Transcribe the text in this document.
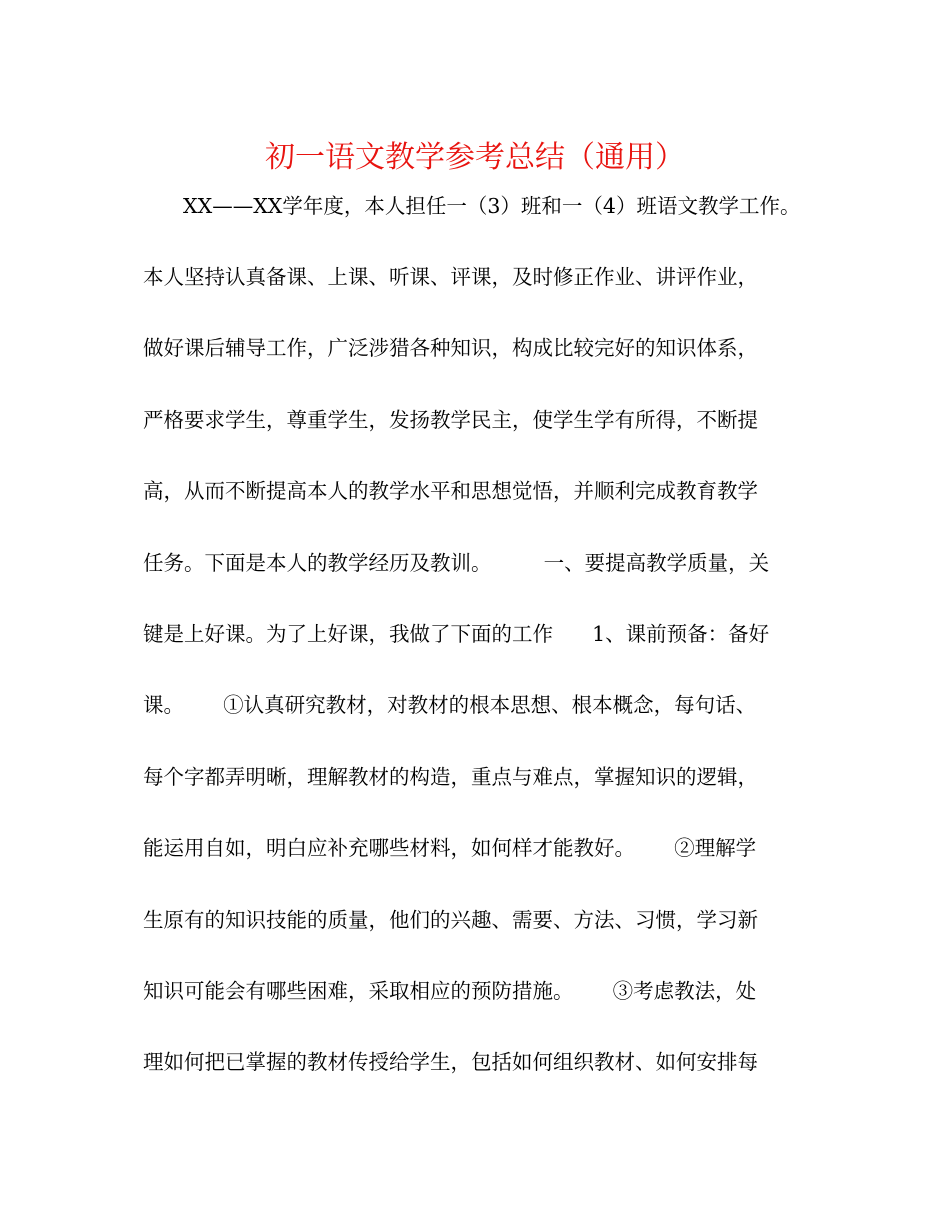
初一语文教学参考总结（通用）
XX——XX学年度，本人担任一（3）班和一（4）班语文教学工作。
本人坚持认真备课、上课、听课、评课，及时修正作业、讲评作业，
做好课后辅导工作，广泛涉猎各种知识，构成比较完好的知识体系，
严格要求学生，尊重学生，发扬教学民主，使学生学有所得，不断提
高，从而不断提高本人的教学水平和思想觉悟，并顺利完成教育教学
任务。下面是本人的教学经历及教训。        一、要提高教学质量，关
键是上好课。为了上好课，我做了下面的工作      1、课前预备：备好
课。      ①认真研究教材，对教材的根本思想、根本概念，每句话、
每个字都弄明晰，理解教材的构造，重点与难点，掌握知识的逻辑，
能运用自如，明白应补充哪些材料，如何样才能教好。      ②理解学
生原有的知识技能的质量，他们的兴趣、需要、方法、习惯，学习新
知识可能会有哪些困难，采取相应的预防措施。      ③考虑教法，处
理如何把已掌握的教材传授给学生，包括如何组织教材、如何安排每
